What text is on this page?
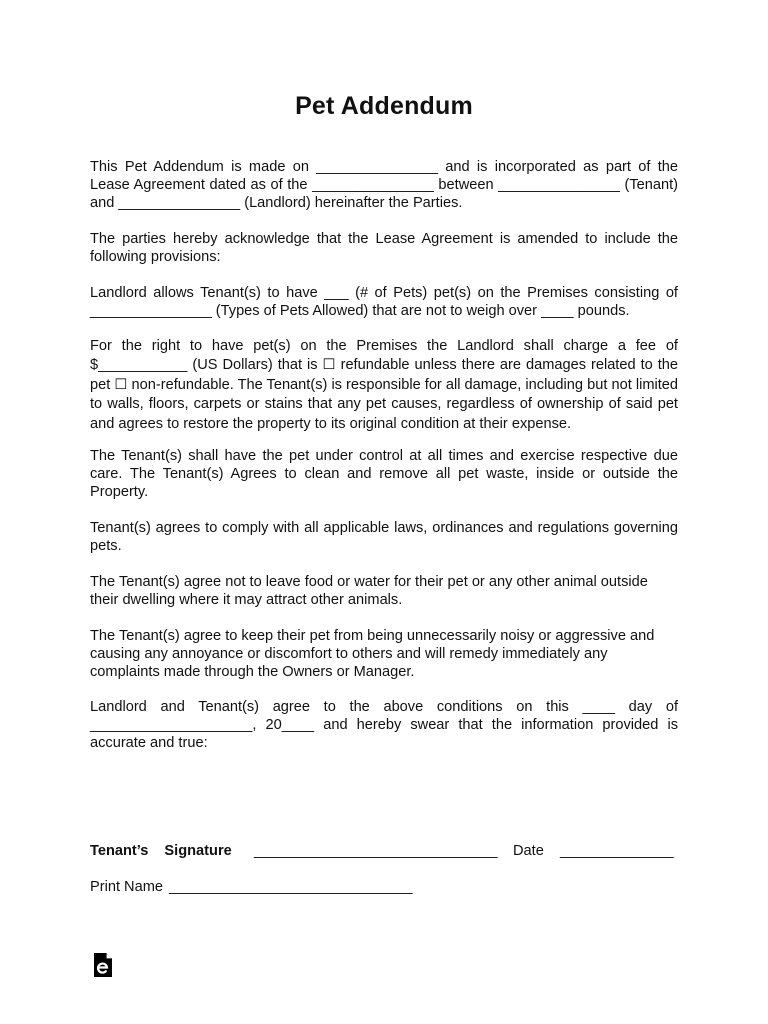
Pet Addendum

This Pet Addendum is made on _______________ and is incorporated as part of the Lease Agreement dated as of the _______________ between _______________ (Tenant) and _______________ (Landlord) hereinafter the Parties.

The parties hereby acknowledge that the Lease Agreement is amended to include the following provisions:

Landlord allows Tenant(s) to have ___ (# of Pets) pet(s) on the Premises consisting of _______________ (Types of Pets Allowed) that are not to weigh over ____ pounds.

For the right to have pet(s) on the Premises the Landlord shall charge a fee of $___________ (US Dollars) that is ☐ refundable unless there are damages related to the pet ☐ non-refundable. The Tenant(s) is responsible for all damage, including but not limited to walls, floors, carpets or stains that any pet causes, regardless of ownership of said pet and agrees to restore the property to its original condition at their expense.

The Tenant(s) shall have the pet under control at all times and exercise respective due care. The Tenant(s) Agrees to clean and remove all pet waste, inside or outside the Property.

Tenant(s) agrees to comply with all applicable laws, ordinances and regulations governing pets.

The Tenant(s) agree not to leave food or water for their pet or any other animal outside their dwelling where it may attract other animals.

The Tenant(s) agree to keep their pet from being unnecessarily noisy or aggressive and causing any annoyance or discomfort to others and will remedy immediately any complaints made through the Owners or Manager.

Landlord and Tenant(s) agree to the above conditions on this ____ day of ____________________, 20____ and hereby swear that the information provided is accurate and true:

Tenant’s Signature ______________________________ Date ______________
Print Name ______________________________
